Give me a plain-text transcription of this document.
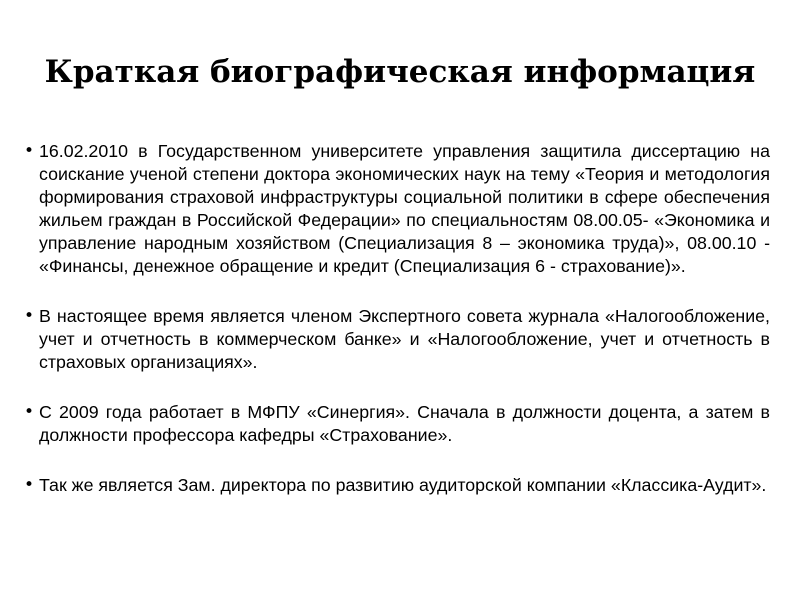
Краткая биографическая информация
• 16.02.2010 в Государственном университете управления защитила диссертацию на соискание ученой степени доктора экономических наук на тему «Теория и методология формирования страховой инфраструктуры социальной политики в сфере обеспечения жильем граждан в Российской Федерации» по специальностям 08.00.05- «Экономика и управление народным хозяйством (Специализация 8 – экономика труда)», 08.00.10 - «Финансы, денежное обращение и кредит (Специализация 6 - страхование)».
• В настоящее время является членом Экспертного совета журнала «Налогообложение, учет и отчетность в коммерческом банке» и «Налогообложение, учет и отчетность в страховых организациях».
• С 2009 года работает в МФПУ «Синергия». Сначала в должности доцента, а затем в должности профессора кафедры «Страхование».
• Так же является Зам. директора по развитию аудиторской компании «Классика-Аудит».
